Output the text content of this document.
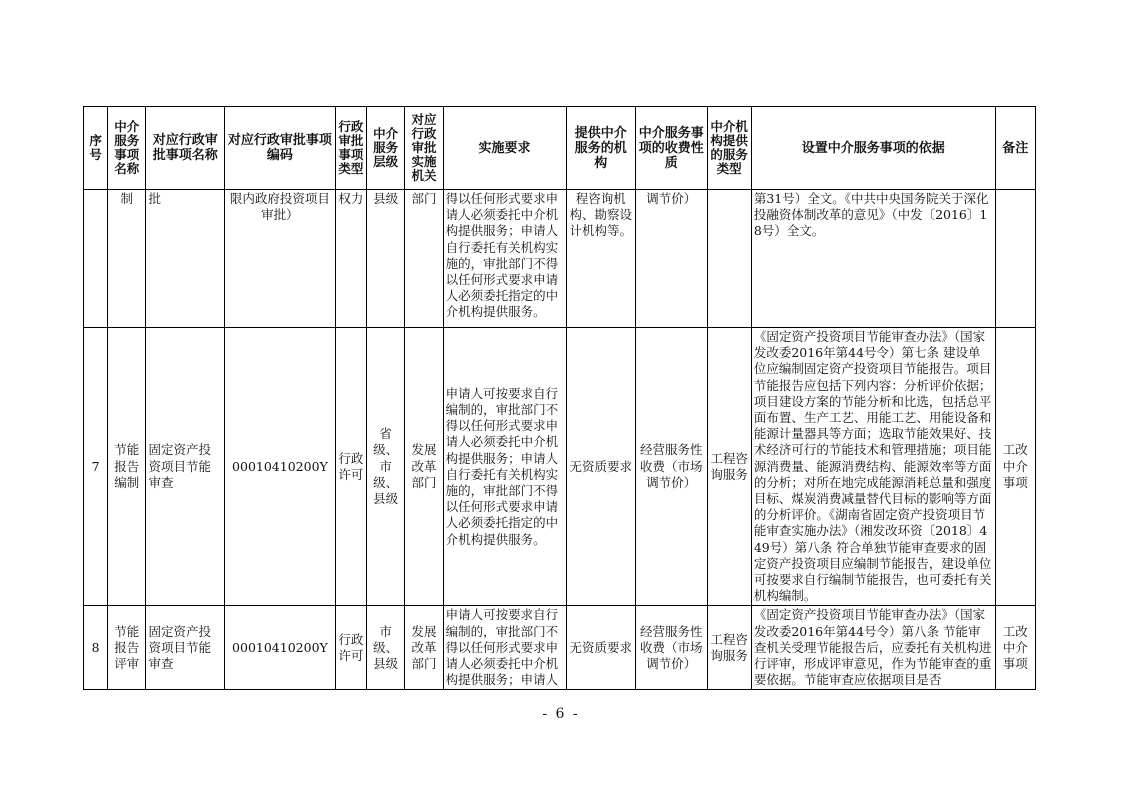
序号	中介服务事项名称	对应行政审批事项名称	对应行政审批事项编码	行政审批事项类型	中介服务层级	对应行政审批实施机关	实施要求	提供中介服务的机构	中介服务事项的收费性质	中介机构提供的服务类型	设置中介服务事项的依据	备注
	制	批	限内政府投资项目审批）	权力	县级	部门	得以任何形式要求申请人必须委托中介机构提供服务；申请人自行委托有关机构实施的，审批部门不得以任何形式要求申请人必须委托指定的中介机构提供服务。	程咨询机构、勘察设计机构等。	调节价）		第31号）全文。《中共中央国务院关于深化投融资体制改革的意见》（中发〔2016〕18号）全文。	
7	节能报告编制	固定资产投资项目节能审查	00010410200Y	行政许可	省级、市级、县级	发展改革部门	申请人可按要求自行编制的，审批部门不得以任何形式要求申请人必须委托中介机构提供服务；申请人自行委托有关机构实施的，审批部门不得以任何形式要求申请人必须委托指定的中介机构提供服务。	无资质要求	经营服务性收费（市场调节价）	工程咨询服务	《固定资产投资项目节能审查办法》（国家发改委2016年第44号令）第七条 建设单位应编制固定资产投资项目节能报告。项目节能报告应包括下列内容：分析评价依据；项目建设方案的节能分析和比选，包括总平面布置、生产工艺、用能工艺、用能设备和能源计量器具等方面；选取节能效果好、技术经济可行的节能技术和管理措施；项目能源消费量、能源消费结构、能源效率等方面的分析；对所在地完成能源消耗总量和强度目标、煤炭消费减量替代目标的影响等方面的分析评价。《湖南省固定资产投资项目节能审查实施办法》（湘发改环资〔2018〕449号）第八条 符合单独节能审查要求的固定资产投资项目应编制节能报告，建设单位可按要求自行编制节能报告，也可委托有关机构编制。	工改中介事项
8	节能报告评审	固定资产投资项目节能审查	00010410200Y	行政许可	市级、县级	发展改革部门	申请人可按要求自行编制的，审批部门不得以任何形式要求申请人必须委托中介机构提供服务；申请人	无资质要求	经营服务性收费（市场调节价）	工程咨询服务	《固定资产投资项目节能审查办法》（国家发改委2016年第44号令）第八条 节能审查机关受理节能报告后，应委托有关机构进行评审，形成评审意见，作为节能审查的重要依据。节能审查应依据项目是否	工改中介事项
- 6 -
